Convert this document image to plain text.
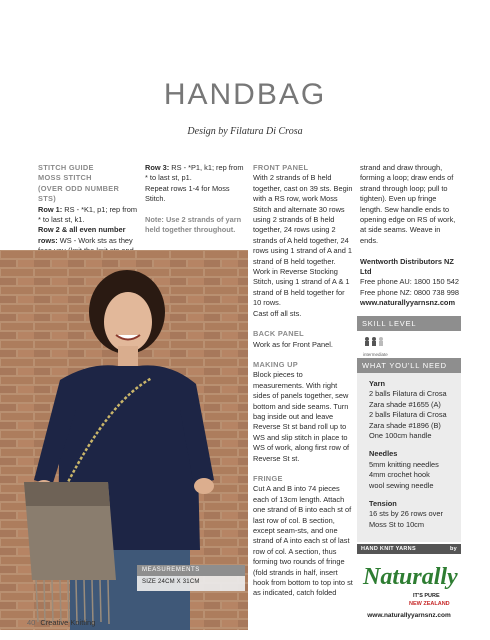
HANDBAG
Design by Filatura Di Crosa
STITCH GUIDE
MOSS STITCH
(OVER ODD NUMBER STS)
Row 1: RS - *K1, p1; rep from * to last st, k1.
Row 2 & all even number rows: WS - Work sts as they
Row 3: RS - *P1, k1; rep from * to last st, p1.
Repeat rows 1-4 for Moss Stitch.
Note: Use 2 strands of yarn held together throughout.
MEASUREMENTS
SIZE 24CM X 31CM
FRONT PANEL
With 2 strands of B held together, cast on 39 sts. Begin with a RS row, work Moss Stitch and alternate 30 rows using 2 strands of B held together, 24 rows using 2 strands of A held together, 24 rows using 1 strand of A and 1 strand of B held together. Work in Reverse Stocking Stitch, using 1 strand of A & 1 strand of B held together for 10 rows.
Cast off all sts.
BACK PANEL
Work as for Front Panel.
MAKING UP
Block pieces to measurements. With right sides of panels together, sew bottom and side seams. Turn bag inside out and leave Reverse St st band roll up to WS and slip stitch in place to WS of work, along first row of Reverse St st.
FRINGE
Cut A and B into 74 pieces each of 13cm length. Attach one strand of B into each st of last row of col. B section, except seam-sts, and one strand of A into each st of last row of col. A section, thus forming two rounds of fringe (fold strands in half, insert hook from bottom to top into st as indicated, catch folded
strand and draw through, forming a loop; draw ends of strand through loop; pull to tighten). Even up fringe length. Sew handle ends to opening edge on RS of work, at side seams. Weave in ends.
Wentworth Distributors NZ Ltd
Free phone AU: 1800 150 542
Free phone NZ: 0800 738 998
www.naturallyyarnsnz.com
SKILL LEVEL
intermediate
WHAT YOU'LL NEED
Yarn
2 balls Filatura di Crosa
Zara shade #1655 (A)
2 balls Filatura di Crosa
Zara shade #1896 (B)
One 100cm handle
Needles
5mm knitting needles
4mm crochet hook
wool sewing needle
Tension
16 sts by 26 rows over
Moss St to 10cm
HAND KNIT YARNS	by
Naturally
IT'S PURE
NEW ZEALAND
www.naturallyyarnsnz.com
40 Creative Knitting
